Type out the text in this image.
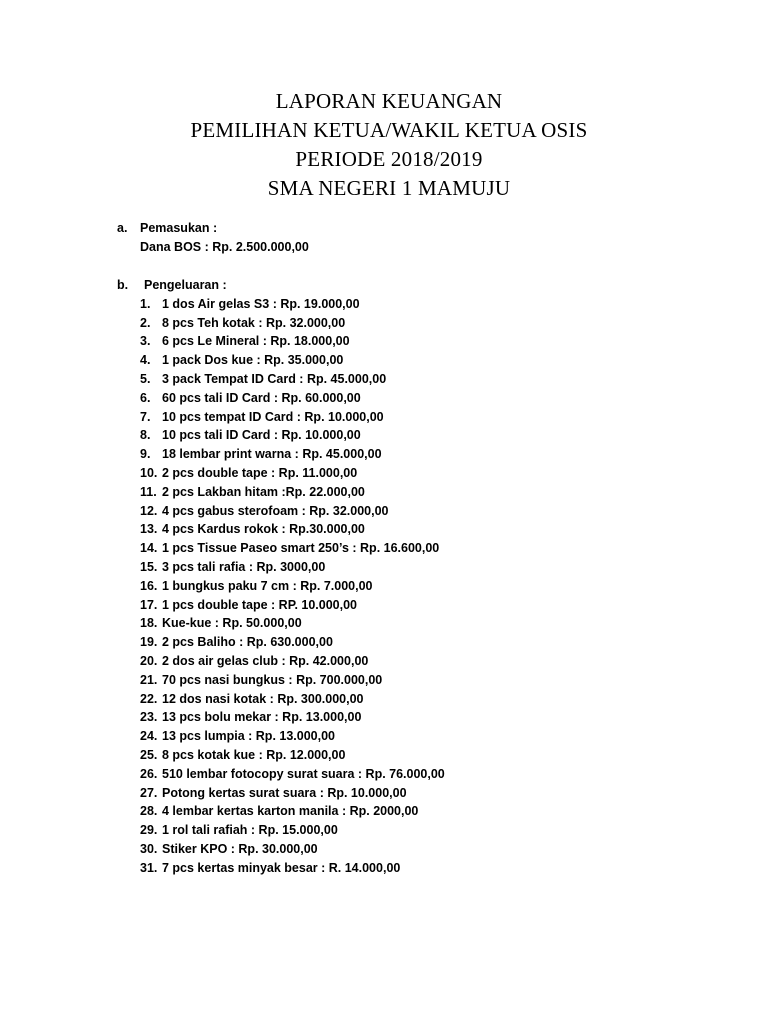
LAPORAN KEUANGAN
PEMILIHAN KETUA/WAKIL KETUA OSIS
PERIODE 2018/2019
SMA NEGERI 1 MAMUJU
a.	Pemasukan :
Dana BOS : Rp. 2.500.000,00
b.	Pengeluaran :
1. 1 dos Air gelas S3 : Rp. 19.000,00
2. 8 pcs Teh kotak : Rp. 32.000,00
3. 6 pcs Le Mineral : Rp. 18.000,00
4. 1 pack Dos kue : Rp. 35.000,00
5. 3 pack Tempat ID Card : Rp. 45.000,00
6. 60 pcs tali ID Card : Rp. 60.000,00
7. 10 pcs tempat ID Card : Rp. 10.000,00
8. 10 pcs tali ID Card : Rp. 10.000,00
9. 18 lembar print warna : Rp. 45.000,00
10. 2 pcs double tape : Rp. 11.000,00
11. 2 pcs Lakban hitam :Rp. 22.000,00
12. 4 pcs gabus sterofoam : Rp. 32.000,00
13. 4 pcs Kardus rokok : Rp.30.000,00
14. 1 pcs Tissue Paseo smart 250’s : Rp. 16.600,00
15. 3 pcs tali rafia : Rp. 3000,00
16. 1 bungkus paku 7 cm : Rp. 7.000,00
17. 1 pcs double tape : RP. 10.000,00
18. Kue-kue : Rp. 50.000,00
19. 2 pcs Baliho : Rp. 630.000,00
20. 2 dos air gelas club : Rp. 42.000,00
21. 70 pcs nasi bungkus : Rp. 700.000,00
22. 12 dos nasi kotak : Rp. 300.000,00
23. 13 pcs bolu mekar : Rp. 13.000,00
24. 13 pcs lumpia : Rp. 13.000,00
25. 8 pcs kotak kue : Rp. 12.000,00
26. 510 lembar fotocopy surat suara : Rp. 76.000,00
27. Potong kertas surat suara : Rp. 10.000,00
28. 4 lembar kertas karton manila : Rp. 2000,00
29. 1 rol tali rafiah : Rp. 15.000,00
30. Stiker KPO : Rp. 30.000,00
31. 7 pcs kertas minyak besar : R. 14.000,00
